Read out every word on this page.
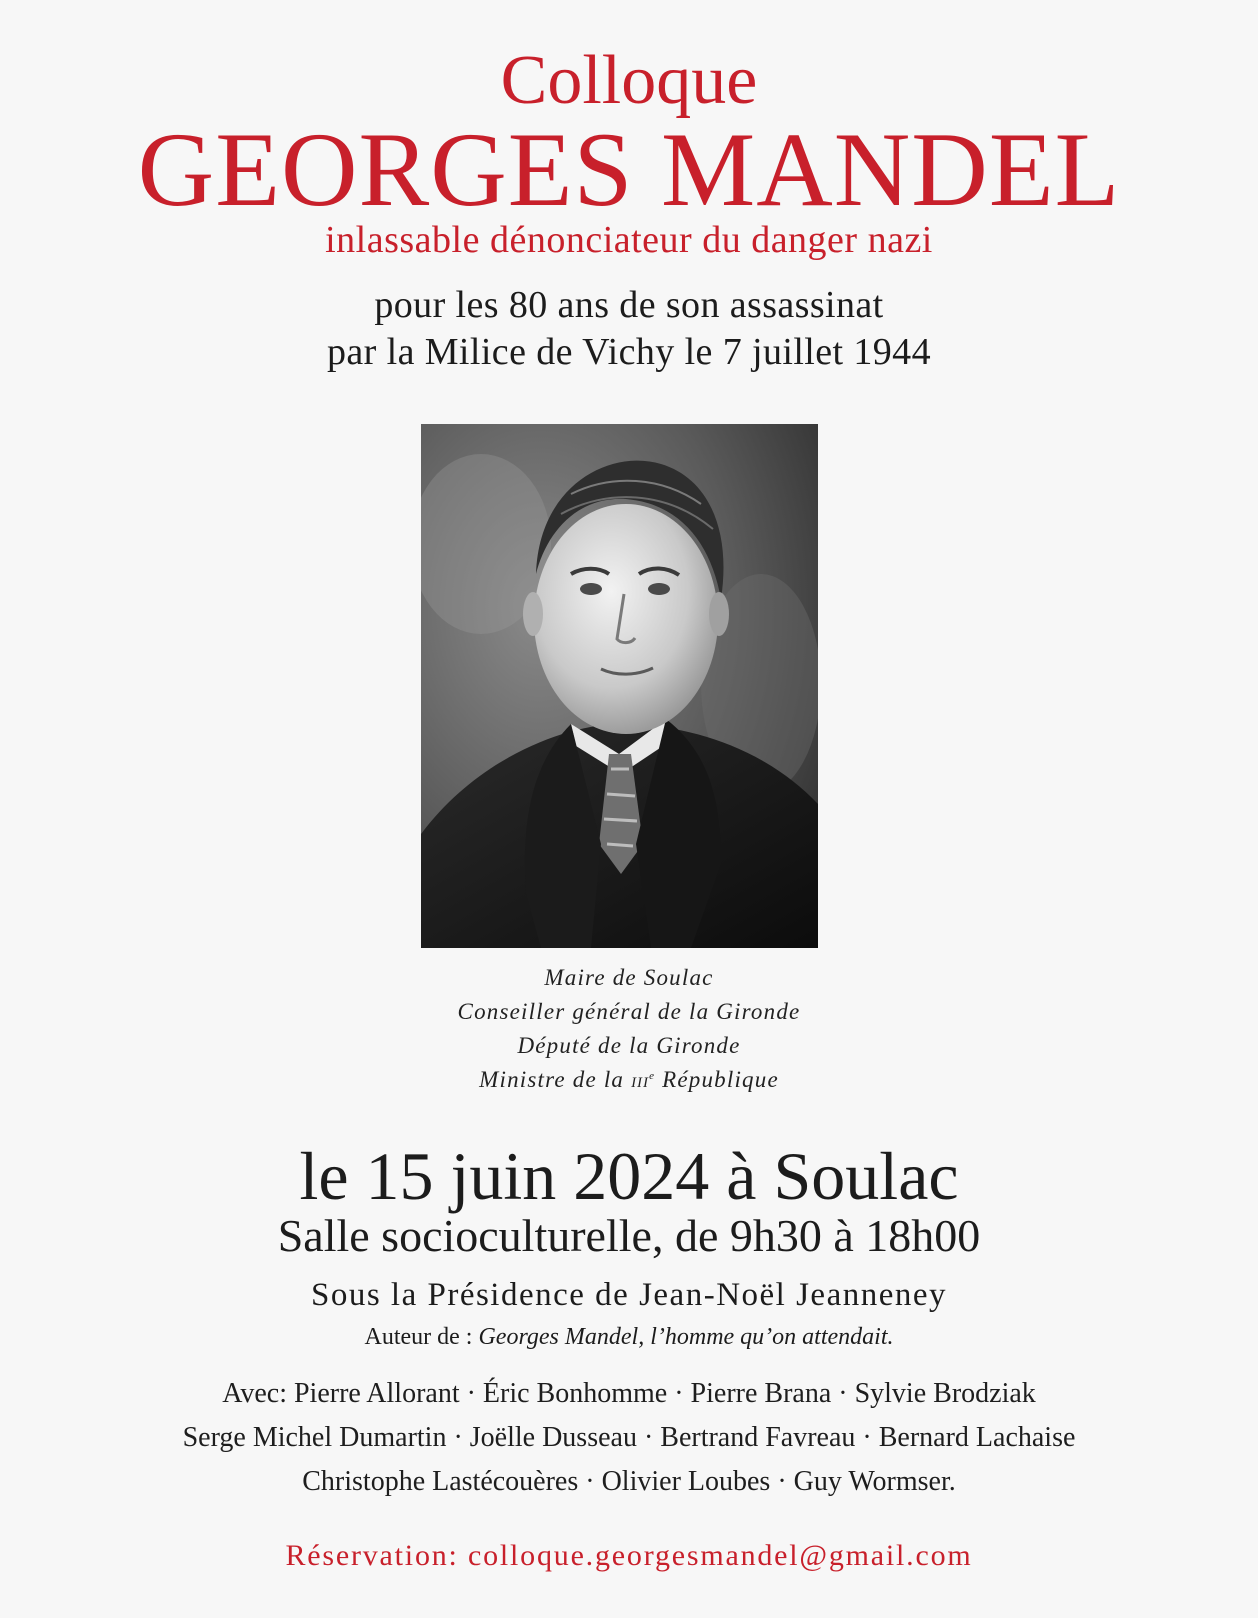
Colloque
GEORGES MANDEL
inlassable dénonciateur du danger nazi
pour les 80 ans de son assassinat
par la Milice de Vichy le 7 juillet 1944
Maire de Soulac
Conseiller général de la Gironde
Député de la Gironde
Ministre de la IIIe République
le 15 juin 2024 à Soulac
Salle socioculturelle, de 9h30 à 18h00
Sous la Présidence de Jean-Noël Jeanneney
Auteur de : Georges Mandel, l’homme qu’on attendait.
Avec: Pierre Allorant · Éric Bonhomme · Pierre Brana · Sylvie Brodziak
Serge Michel Dumartin · Joëlle Dusseau · Bertrand Favreau · Bernard Lachaise
Christophe Lastécouères · Olivier Loubes · Guy Wormser.
Réservation: colloque.georgesmandel@gmail.com
